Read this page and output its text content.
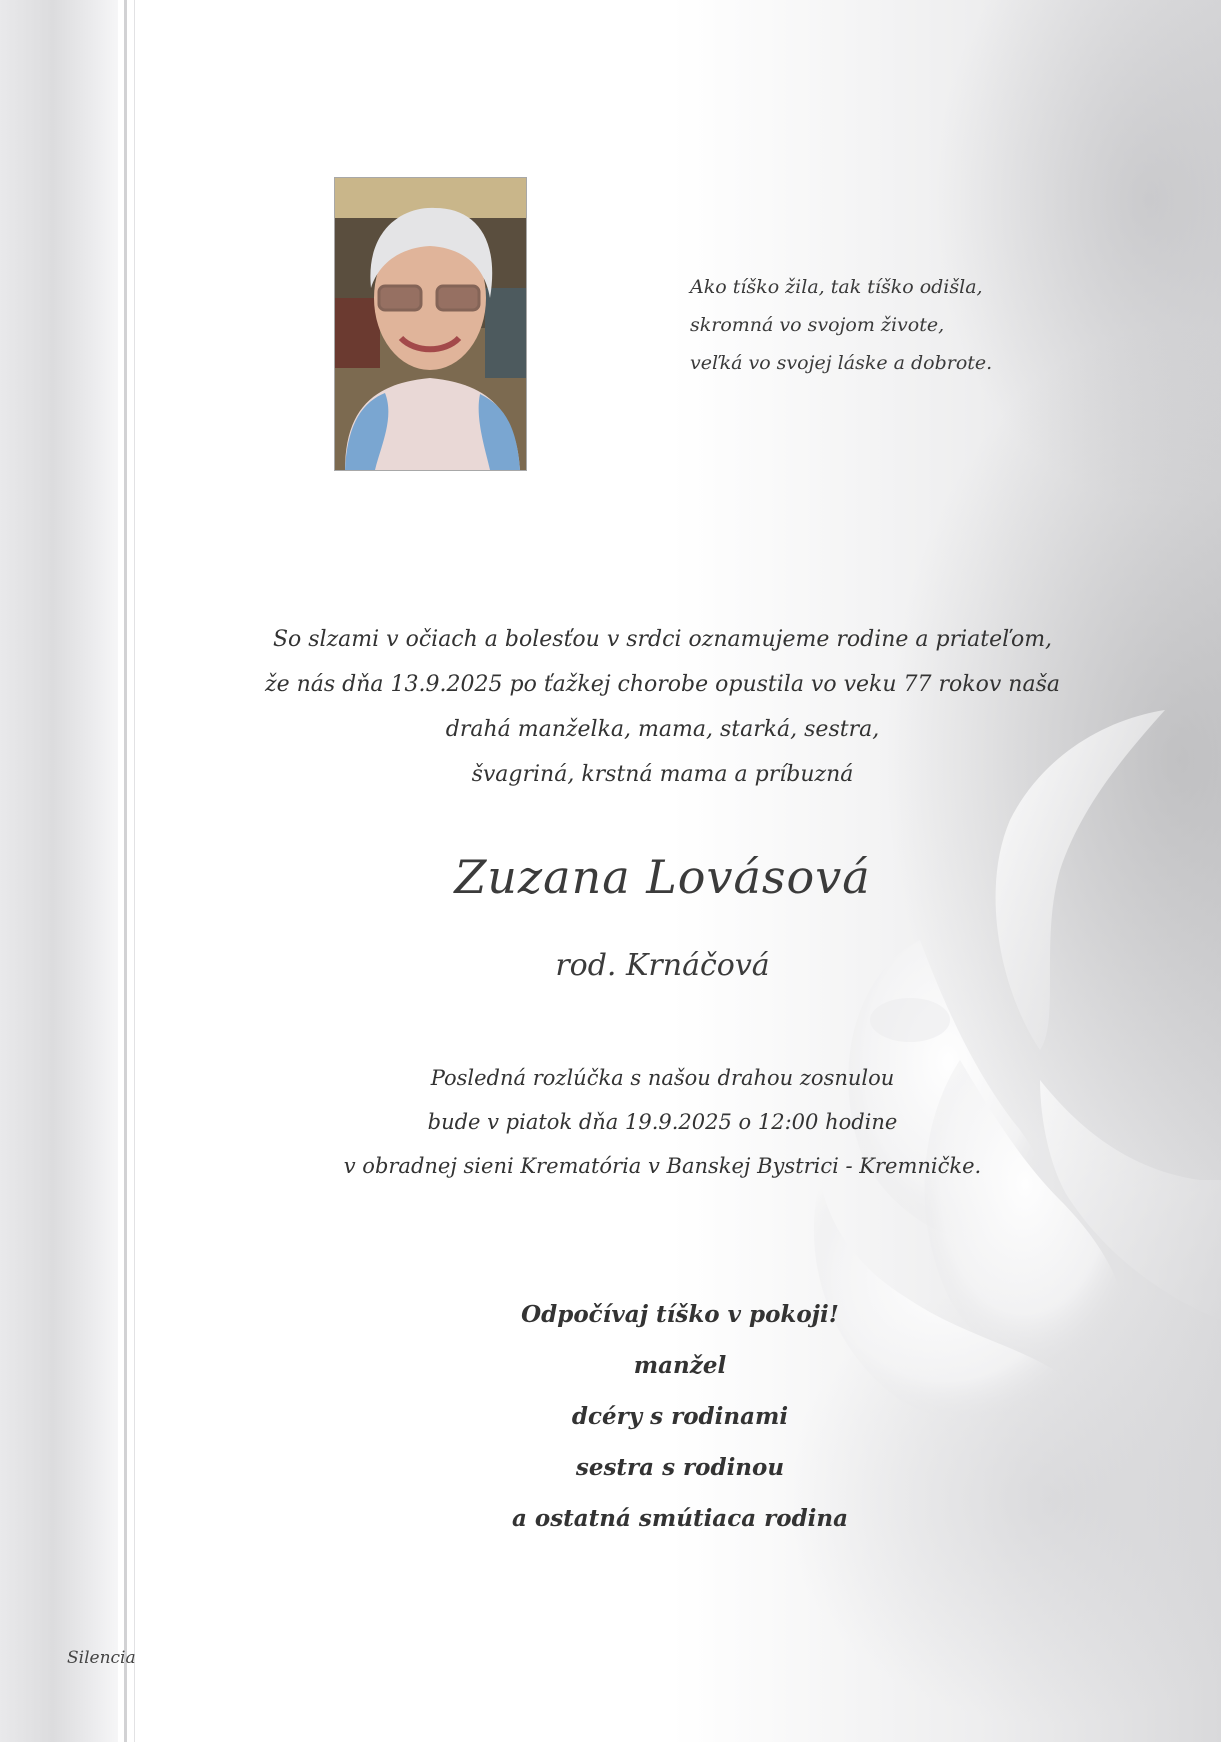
Ako tíško žila, tak tíško odišla,
skromná vo svojom živote,
veľká vo svojej láske a dobrote.
So slzami v očiach a bolesťou v srdci oznamujeme rodine a priateľom,
že nás dňa 13.9.2025 po ťažkej chorobe opustila vo veku 77 rokov naša
drahá manželka, mama, starká, sestra,
švagriná, krstná mama a príbuzná
Zuzana Lovásová
rod. Krnáčová
Posledná rozlúčka s našou drahou zosnulou
bude v piatok dňa 19.9.2025 o 12:00 hodine
v obradnej sieni Krematória v Banskej Bystrici - Kremničke.
Odpočívaj tíško v pokoji!
manžel
dcéry s rodinami
sestra s rodinou
a ostatná smútiaca rodina
Silencia
